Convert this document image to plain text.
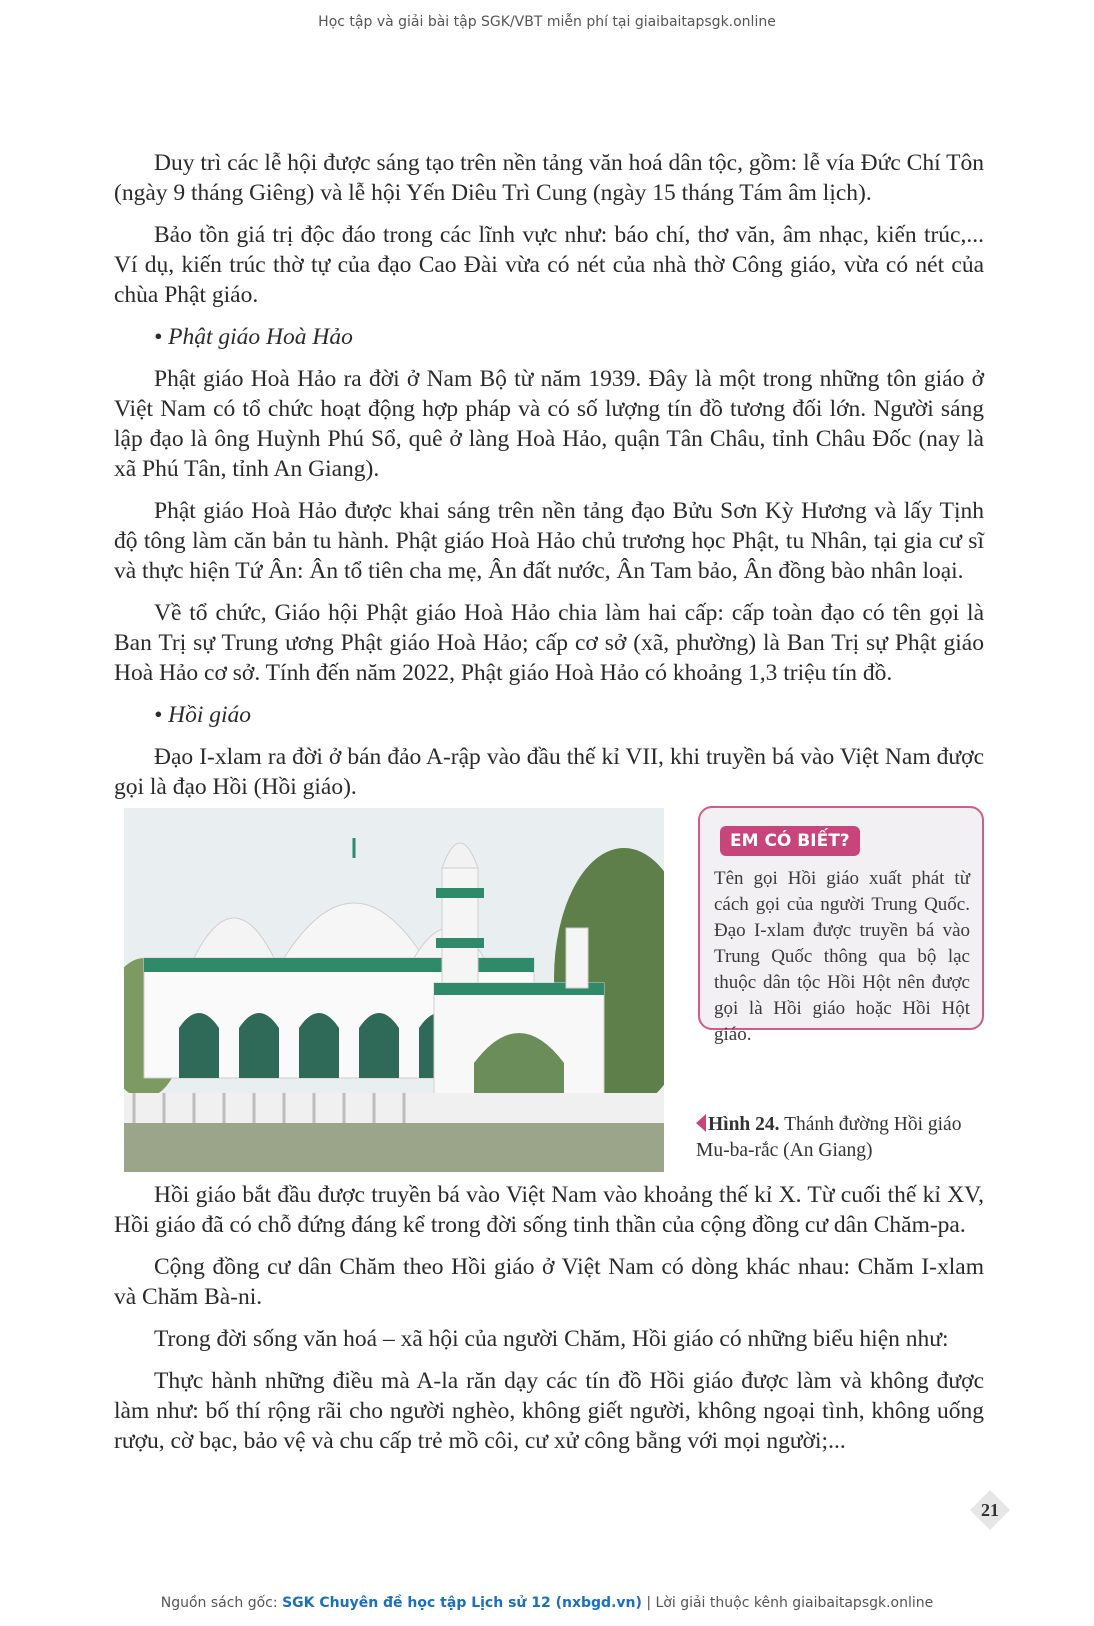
Học tập và giải bài tập SGK/VBT miễn phí tại giaibaitapsgk.online

Duy trì các lễ hội được sáng tạo trên nền tảng văn hoá dân tộc, gồm: lễ vía Đức Chí Tôn (ngày 9 tháng Giêng) và lễ hội Yến Diêu Trì Cung (ngày 15 tháng Tám âm lịch).

Bảo tồn giá trị độc đáo trong các lĩnh vực như: báo chí, thơ văn, âm nhạc, kiến trúc,... Ví dụ, kiến trúc thờ tự của đạo Cao Đài vừa có nét của nhà thờ Công giáo, vừa có nét của chùa Phật giáo.

• Phật giáo Hoà Hảo

Phật giáo Hoà Hảo ra đời ở Nam Bộ từ năm 1939. Đây là một trong những tôn giáo ở Việt Nam có tổ chức hoạt động hợp pháp và có số lượng tín đồ tương đối lớn. Người sáng lập đạo là ông Huỳnh Phú Sổ, quê ở làng Hoà Hảo, quận Tân Châu, tỉnh Châu Đốc (nay là xã Phú Tân, tỉnh An Giang).

Phật giáo Hoà Hảo được khai sáng trên nền tảng đạo Bửu Sơn Kỳ Hương và lấy Tịnh độ tông làm căn bản tu hành. Phật giáo Hoà Hảo chủ trương học Phật, tu Nhân, tại gia cư sĩ và thực hiện Tứ Ân: Ân tổ tiên cha mẹ, Ân đất nước, Ân Tam bảo, Ân đồng bào nhân loại.

Về tổ chức, Giáo hội Phật giáo Hoà Hảo chia làm hai cấp: cấp toàn đạo có tên gọi là Ban Trị sự Trung ương Phật giáo Hoà Hảo; cấp cơ sở (xã, phường) là Ban Trị sự Phật giáo Hoà Hảo cơ sở. Tính đến năm 2022, Phật giáo Hoà Hảo có khoảng 1,3 triệu tín đồ.

• Hồi giáo

Đạo I-xlam ra đời ở bán đảo A-rập vào đầu thế kỉ VII, khi truyền bá vào Việt Nam được gọi là đạo Hồi (Hồi giáo).

EM CÓ BIẾT?
Tên gọi Hồi giáo xuất phát từ cách gọi của người Trung Quốc. Đạo I-xlam được truyền bá vào Trung Quốc thông qua bộ lạc thuộc dân tộc Hồi Hột nên được gọi là Hồi giáo hoặc Hồi Hột giáo.
Hình 24. Thánh đường Hồi giáo Mu-ba-rắc (An Giang)

Hồi giáo bắt đầu được truyền bá vào Việt Nam vào khoảng thế kỉ X. Từ cuối thế kỉ XV, Hồi giáo đã có chỗ đứng đáng kể trong đời sống tinh thần của cộng đồng cư dân Chăm-pa.

Cộng đồng cư dân Chăm theo Hồi giáo ở Việt Nam có dòng khác nhau: Chăm I-xlam và Chăm Bà-ni.

Trong đời sống văn hoá – xã hội của người Chăm, Hồi giáo có những biểu hiện như:

Thực hành những điều mà A-la răn dạy các tín đồ Hồi giáo được làm và không được làm như: bố thí rộng rãi cho người nghèo, không giết người, không ngoại tình, không uống rượu, cờ bạc, bảo vệ và chu cấp trẻ mồ côi, cư xử công bằng với mọi người;...

21
Nguồn sách gốc: SGK Chuyên đề học tập Lịch sử 12 (nxbgd.vn) | Lời giải thuộc kênh giaibaitapsgk.online
